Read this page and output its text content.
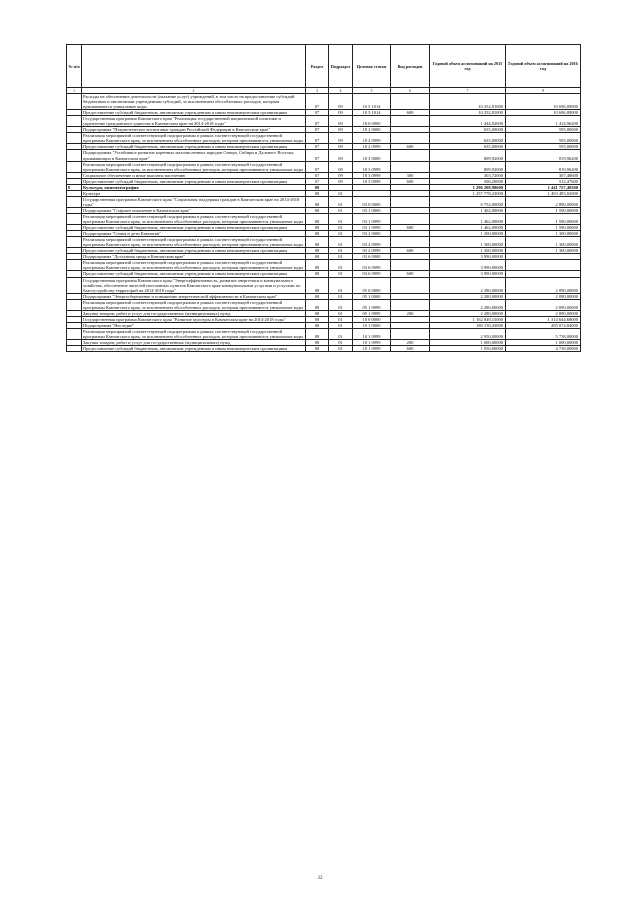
№ п/п		Раздел	Подраздел	Целевая статья	Вид расходов	Годовой объем ассигнований на 2015 год	Годовой объем ассигнований на 2016 год
1	2	3	4	5	6	7	8
	Расходы на обеспечение деятельности (оказание услуг) учреждений, в том числе на предоставление субсидий бюджетным и автономным учреждениям субсидий, за исключением обособленных расходов, которым присваиваются уникальные коды	07	09	10 5 1014		10 252,81000	10 696,09000
	Предоставление субсидий бюджетным, автономным учреждениям и иным некоммерческим организациям	07	09	10 5 1014	600	10 252,81000	10 696,09000
	Государственная программа Камчатского края "Реализация государственной национальной политики и укрепление гражданского единства в Камчатском крае на 2014-2018 годы"	07	09	18 0 0000		1 444,92000	1 414,96200
	Подпрограмма "Патриотическое воспитание граждан Российской Федерации в Камчатском крае"	07	09	18 2 0000		635,00000	595,00000
	Реализация мероприятий соответствующей подпрограммы в рамках соответствующей государственной программы Камчатского края, за исключением обособленных расходов, которым присваиваются уникальные коды	07	09	18 2 0999		635,00000	595,00000
	Предоставление субсидий бюджетным, автономным учреждениям и иным некоммерческим организациям	07	09	18 2 0999	600	635,00000	595,00000
	Подпрограмма "Устойчивое развитие коренных малочисленных народов Севера, Сибири и Дальнего Востока, проживающих в Камчатском крае"	07	09	18 3 0000		809,92000	819,96200
	Реализация мероприятий соответствующей подпрограммы в рамках соответствующей государственной программы Камчатского края, за исключением обособленных расходов, которым присваиваются уникальные коды	07	09	18 3 0999		809,92000	819,96200
	Социальное обеспечение и иные выплаты населению	07	09	18 3 0999	300	303,72000	307,48600
	Предоставление субсидий бюджетным, автономным учреждениям и иным некоммерческим организациям	07	09	18 3 0999	600	506,20000	512,47600
8	Культура, кинематография	08				1 296 208,98600	1 441 757,48200
	Культура	08	01			1 257 778,23000	1 403 483,02000
	Государственная программа Камчатского края "Социальная поддержка граждан в Камчатском крае на 2014-2018 годы"	08	01	03 0 0000		6 752,00000	2 890,00000
	Подпрограмма "Старшее поколение в Камчатском крае"	08	01	03 1 0000		1 462,00000	1 590,00000
	Реализация мероприятий соответствующей подпрограммы в рамках соответствующей государственной программы Камчатского края, за исключением обособленных расходов, которым присваиваются уникальные коды	08	01	03 1 0999		1 462,00000	1 590,00000
	Предоставление субсидий бюджетным, автономным учреждениям и иным некоммерческим организациям	08	01	03 1 0999	600	1 462,00000	1 590,00000
	Подпрограмма "Семья и дети Камчатки"	08	01	03 2 0000		1 300,00000	1 300,00000
	Реализация мероприятий соответствующей подпрограммы в рамках соответствующей государственной программы Камчатского края, за исключением обособленных расходов, которым присваиваются уникальные коды	08	01	03 2 0999		1 300,00000	1 300,00000
	Предоставление субсидий бюджетным, автономным учреждениям и иным некоммерческим организациям	08	01	03 2 0999	600	1 300,00000	1 300,00000
	Подпрограмма "Доступная среда в Камчатском крае"	08	01	03 6 0000		3 990,00000	
	Реализация мероприятий соответствующей подпрограммы в рамках соответствующей государственной программы Камчатского края, за исключением обособленных расходов, которым присваиваются уникальные коды	08	01	03 6 0999		3 990,00000	
	Предоставление субсидий бюджетным, автономным учреждениям и иным некоммерческим организациям	08	01	03 6 0999	600	3 990,00000	
	Государственная программа Камчатского края "Энергоэффективность, развитие энергетики и коммунального хозяйства, обеспечение жителей населенных пунктов Камчатского края коммунальными услугами и услугами по благоустройству территорий на 2014-2018 годы"	08	01	05 0 0000		2 280,00000	2 090,00000
	Подпрограмма "Энергосбережение и повышение энергетической эффективности в Камчатском крае"	08	01	05 1 0000		2 280,00000	2 090,00000
	Реализация мероприятий соответствующей подпрограммы в рамках соответствующей государственной программы Камчатского края, за исключением обособленных расходов, которым присваиваются уникальные коды	08	01	05 1 0999		2 280,00000	2 090,00000
	Закупка товаров, работ и услуг для государственных (муниципальных) нужд	08	01	05 1 0999	200	2 280,00000	2 090,00000
	Государственная программа Камчатского края "Развитие культуры в Камчатском крае на 2014-2018 годы"	08	01	10 0 0000		1 162 849,15000	1 314 644,68000
	Подпрограмма "Наследие"	08	01	10 1 0000		180 150,43000	205 074,84000
	Реализация мероприятий соответствующей подпрограммы в рамках соответствующей государственной программы Камчатского края, за исключением обособленных расходов, которым присваиваются уникальные коды	08	01	10 1 0999		2 950,00000	5 738,00000
	Закупка товаров, работ и услуг для государственных (муниципальных) нужд	08	01	10 1 0999	200	1 000,00000	1 000,00000
	Предоставление субсидий бюджетным, автономным учреждениям и иным некоммерческим организациям	08	01	10 1 0999	600	1 950,00000	4 738,00000
32
